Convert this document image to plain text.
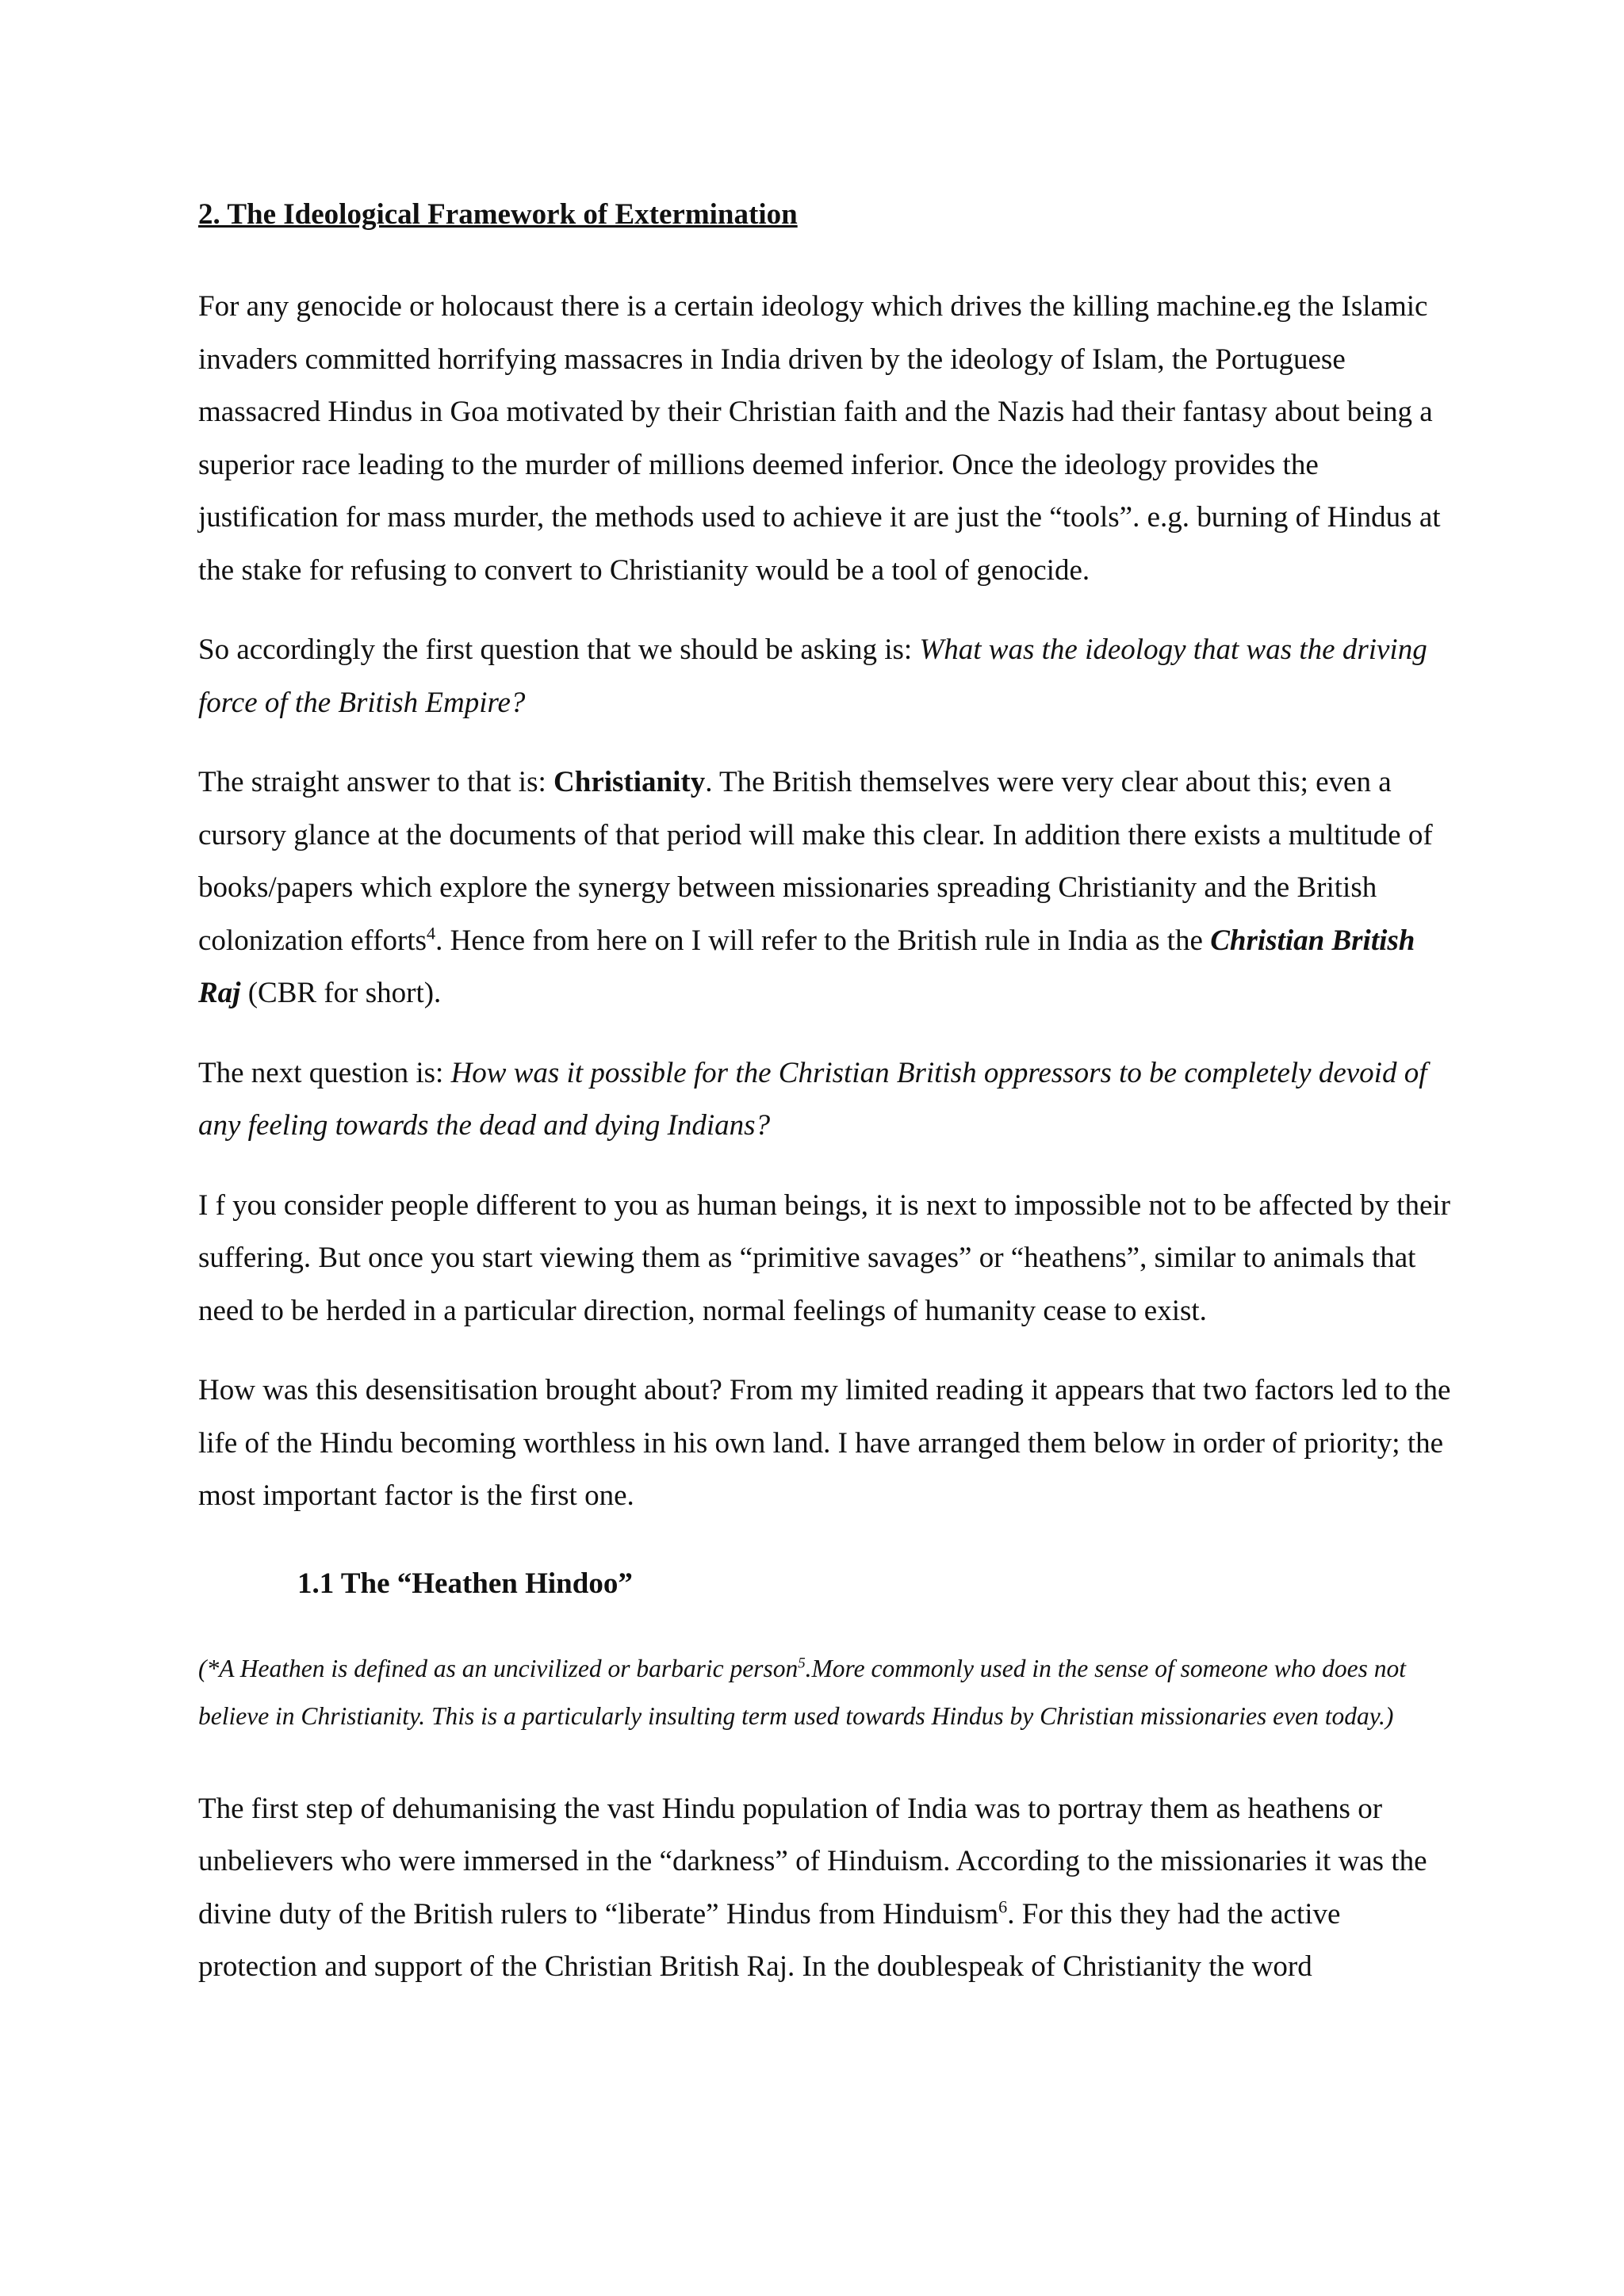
2. The Ideological Framework of Extermination

For any genocide or holocaust there is a certain ideology which drives the killing machine.eg the Islamic invaders committed horrifying massacres in India driven by the ideology of Islam, the Portuguese massacred Hindus in Goa motivated by their Christian faith and the Nazis had their fantasy about being a superior race leading to the murder of millions deemed inferior. Once the ideology provides the justification for mass murder, the methods used to achieve it are just the “tools”. e.g. burning of Hindus at the stake for refusing to convert to Christianity would be a tool of genocide.

So accordingly the first question that we should be asking is: What was the ideology that was the driving force of the British Empire?

The straight answer to that is: Christianity. The British themselves were very clear about this; even a cursory glance at the documents of that period will make this clear. In addition there exists a multitude of books/papers which explore the synergy between missionaries spreading Christianity and the British colonization efforts$^4$. Hence from here on I will refer to the British rule in India as the Christian British Raj (CBR for short).

The next question is: How was it possible for the Christian British oppressors to be completely devoid of any feeling towards the dead and dying Indians?

I f you consider people different to you as human beings, it is next to impossible not to be affected by their suffering. But once you start viewing them as “primitive savages” or “heathens”, similar to animals that need to be herded in a particular direction, normal feelings of humanity cease to exist.

How was this desensitisation brought about? From my limited reading it appears that two factors led to the life of the Hindu becoming worthless in his own land. I have arranged them below in order of priority; the most important factor is the first one.

1.1 The “Heathen Hindoo”

(*A Heathen is defined as an uncivilized or barbaric person$^5$.More commonly used in the sense of someone who does not believe in Christianity. This is a particularly insulting term used towards Hindus by Christian missionaries even today.)

The first step of dehumanising the vast Hindu population of India was to portray them as heathens or unbelievers who were immersed in the “darkness” of Hinduism. According to the missionaries it was the divine duty of the British rulers to “liberate” Hindus from Hinduism$^6$. For this they had the active protection and support of the Christian British Raj. In the doublespeak of Christianity the word
